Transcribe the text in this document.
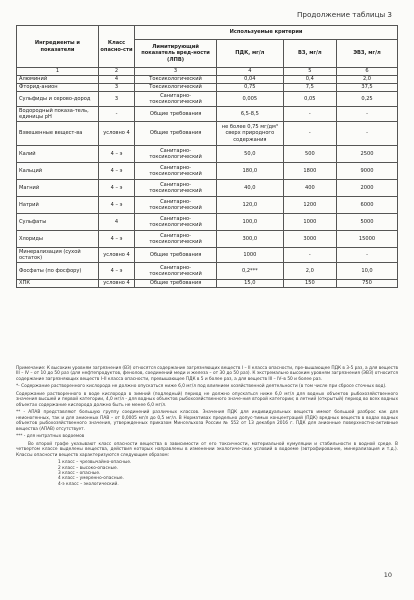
Продолжение таблицы 3
Ингредиенты и показатели	Класс опасно-сти	Используемые критерии			
		Лимитирующий показатель вред-ности (ЛПВ)	ПДК, мг/л	ВЗ, мг/л	ЭВЗ, мг/л
1	2	3	4	5	6
Алюминий	4	Токсикологический	0,04	0,4	2,0
Фторид-анион	3	Токсикологический	0,75	7,5	37,5
Сульфиды и серово-дород	3	Санитарно-токсикологический	0,005	0,05	0,25
Водородный показа-тель, единицы pH	-	Общие требования	6,5-8,5	-	-
Взвешенные вещест-ва	условно 4	Общие требования	не более 0,75 мг/дм³ сверх природного содержания	-	-
Калий	4 – э	Санитарно-токсикологический	50,0	500	2500
Кальций	4 – э	Санитарно-токсикологический	180,0	1800	9000
Магний	4 – э	Санитарно-токсикологический	40,0	400	2000
Натрий	4 – э	Санитарно-токсикологический	120,0	1200	6000
Сульфаты	4	Санитарно-токсикологический	100,0	1000	5000
Хлориды	4 – э	Санитарно-токсикологический	300,0	3000	15000
Минерализация (сухой остаток)	условно 4	Общие требования	1000	-	-
Фосфаты (по фосфору)	4 – э	Санитарно-токсикологический	0,2***	2,0	10,0
ХПК	условно 4	Общие требования	15,0	150	750

Примечание: К высоким уровням загрязнения (ВЗ) относятся содержание загрязняющих веществ I – II класса опасности, пре-вышающее ПДК в 3-5 раз, а для веществ III – IV – от 10 до 50 раз (для нефтепродуктов, фенолов, соединений меди и железа – от 30 до 50 раз). К экстремально высоким уровням загрязнения (ЭВЗ) относится содержание загрязняющих веществ I–II класса опасности, превышающее ПДК в 5 и более раз, а для веществ III – IV–в 50 и более раз.

*- Содержание растворенного кислорода не должно опускаться ниже 6,0 мг/л под влиянием хозяйственной деятельности (в том числе при сбросе сточных вод).

Содержание растворенного в воде кислорода в зимний (подледный) период не должно опускаться ниже 6,0 мг/л для водных объектов рыбохозяйственного значения высшей и первой категории, 4,0 мг/л - для водных объектов рыбохозяйственного значе-ния второй категории; в летний (открытый) период во всех водных объектах содержание кислорода должно быть не менее 6,0 мг/л.

** - АПАВ представляют большую группу соединений различных классов. Значения ПДК для индивидуальных веществ имеют большой разброс как для неионогенных, так и для анионных ПАВ – от 0,0005 мг/л до 0,5 мг/л. В Нормативах предельно допус-тимых концентраций (ПДК) вредных веществ в водах водных объектов рыбохозяйственного значения, утвержденных приказом Минсельхоза России № 552 от 13 декабря 2016 г. ПДК для анионные поверхностно-активные вещества (АПАВ) отсутствует.

*** - для нитратных водоемов

Во второй графе указывают класс опасности вещества в зависимости от его токсичности, материальной кумуляции и стабильности в водной среде. В четвертом классе выделены вещества, действия которых направлены в изменении экологиче-ских условий в водоеме (эвтрофирование, минерализация и т.д.). Классы опасности веществ характеризуются следующим образом:

1 класс – чрезвычайно-опасные.
2 класс – высоко-опасные.
3 класс – опасные.
4 класс – умеренно-опасные.
4-э класс – экологический.
10
